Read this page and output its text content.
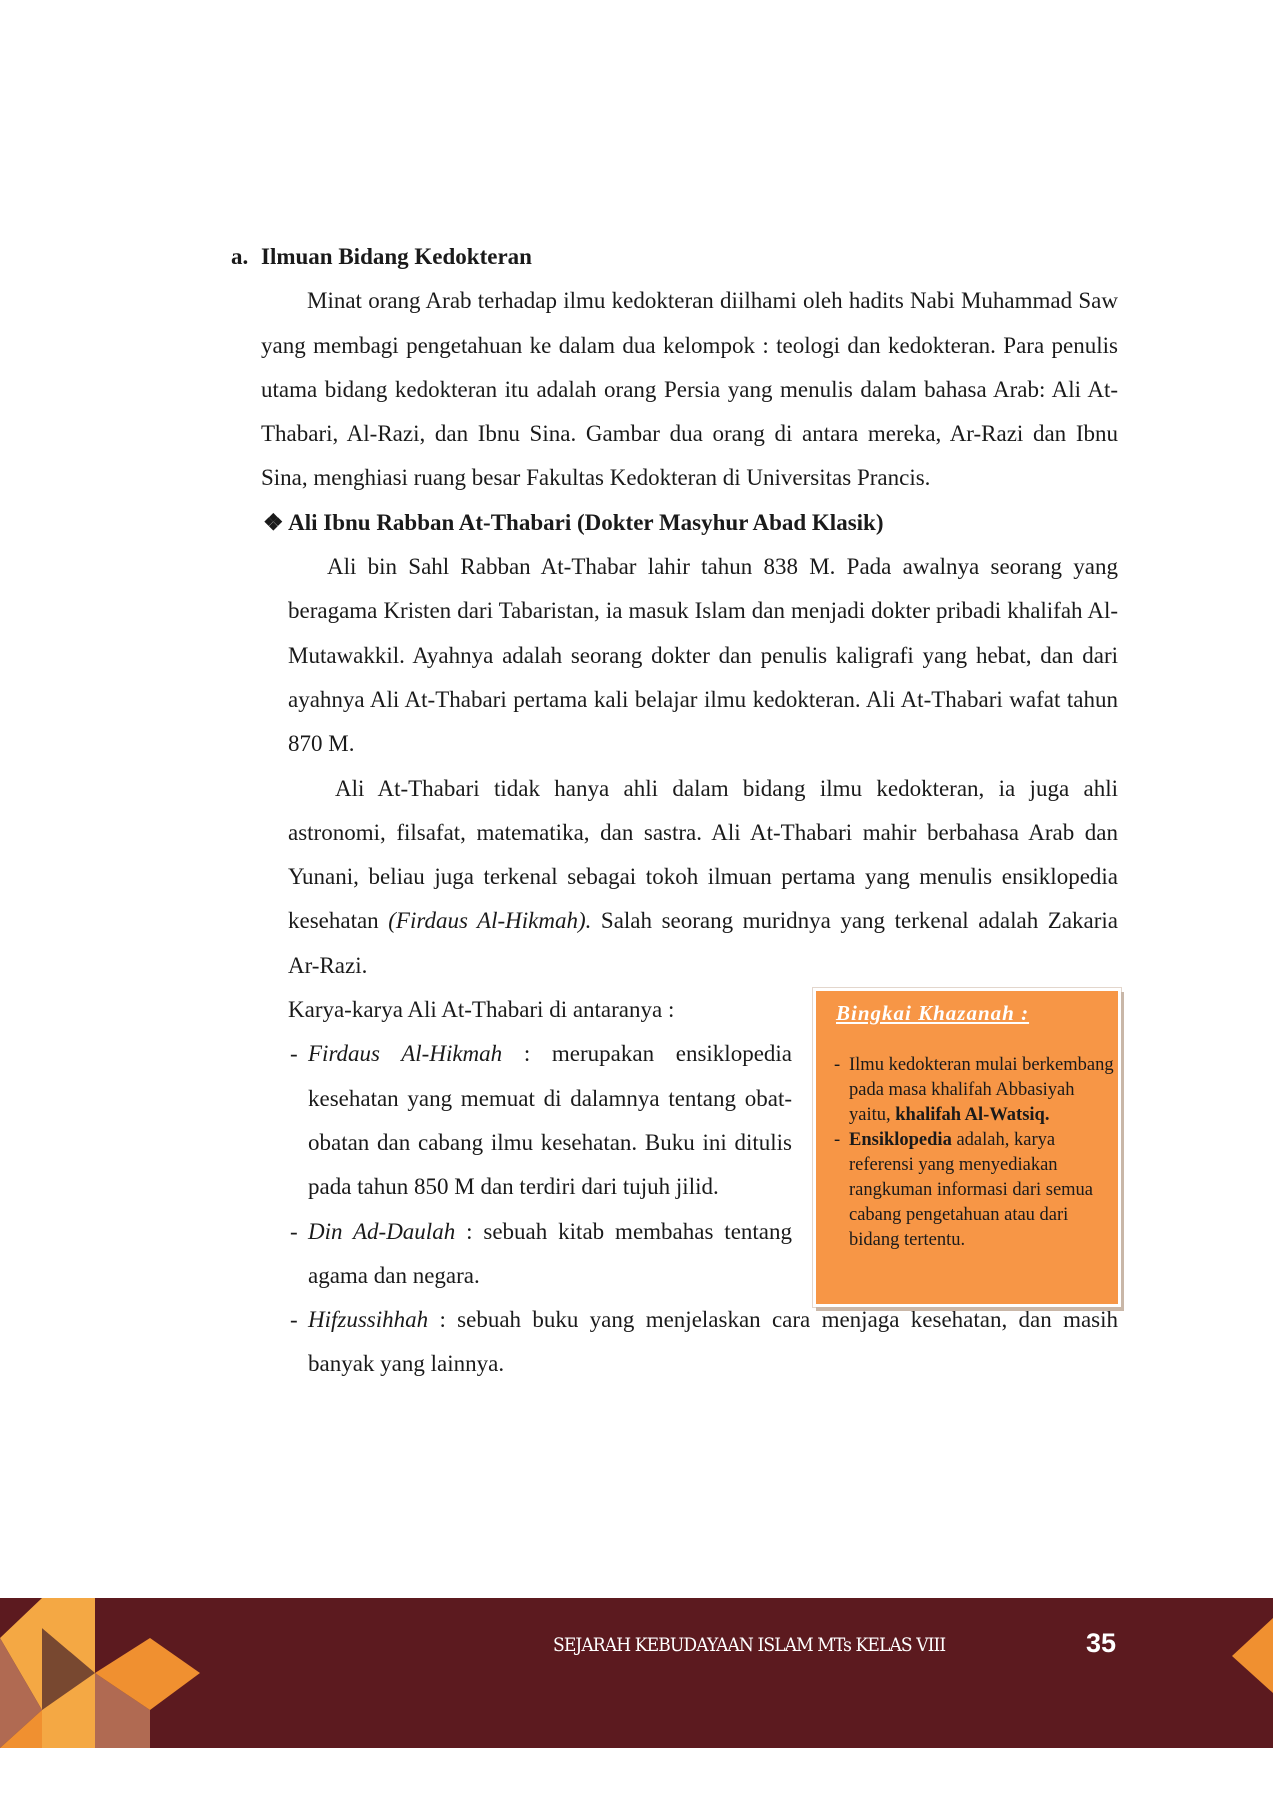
a. Ilmuan Bidang Kedokteran

Minat orang Arab terhadap ilmu kedokteran diilhami oleh hadits Nabi Muhammad Saw yang membagi pengetahuan ke dalam dua kelompok : teologi dan kedokteran. Para penulis utama bidang kedokteran itu adalah orang Persia yang menulis dalam bahasa Arab: Ali At-Thabari, Al-Razi, dan Ibnu Sina. Gambar dua orang di antara mereka, Ar-Razi dan Ibnu Sina, menghiasi ruang besar Fakultas Kedokteran di Universitas Prancis.

❖ Ali Ibnu Rabban At-Thabari (Dokter Masyhur Abad Klasik)

Ali bin Sahl Rabban At-Thabar lahir tahun 838 M. Pada awalnya seorang yang beragama Kristen dari Tabaristan, ia masuk Islam dan menjadi dokter pribadi khalifah Al-Mutawakkil. Ayahnya adalah seorang dokter dan penulis kaligrafi yang hebat, dan dari ayahnya Ali At-Thabari pertama kali belajar ilmu kedokteran. Ali At-Thabari wafat tahun 870 M.

Ali At-Thabari tidak hanya ahli dalam bidang ilmu kedokteran, ia juga ahli astronomi, filsafat, matematika, dan sastra. Ali At-Thabari mahir berbahasa Arab dan Yunani, beliau juga terkenal sebagai tokoh ilmuan pertama yang menulis ensiklopedia kesehatan (Firdaus Al-Hikmah). Salah seorang muridnya yang terkenal adalah Zakaria Ar-Razi.

Karya-karya Ali At-Thabari di antaranya :

- Firdaus Al-Hikmah : merupakan ensiklopedia kesehatan yang memuat di dalamnya tentang obat-obatan dan cabang ilmu kesehatan. Buku ini ditulis pada tahun 850 M dan terdiri dari tujuh jilid.

- Din Ad-Daulah : sebuah kitab membahas tentang agama dan negara.

- Hifzussihhah : sebuah buku yang menjelaskan cara menjaga kesehatan, dan masih banyak yang lainnya.

Bingkai Khazanah :
- Ilmu kedokteran mulai berkembang pada masa khalifah Abbasiyah yaitu, khalifah Al-Watsiq.
- Ensiklopedia adalah, karya referensi yang menyediakan rangkuman informasi dari semua cabang pengetahuan atau dari bidang tertentu.
SEJARAH KEBUDAYAAN ISLAM MTs KELAS VIII	35
